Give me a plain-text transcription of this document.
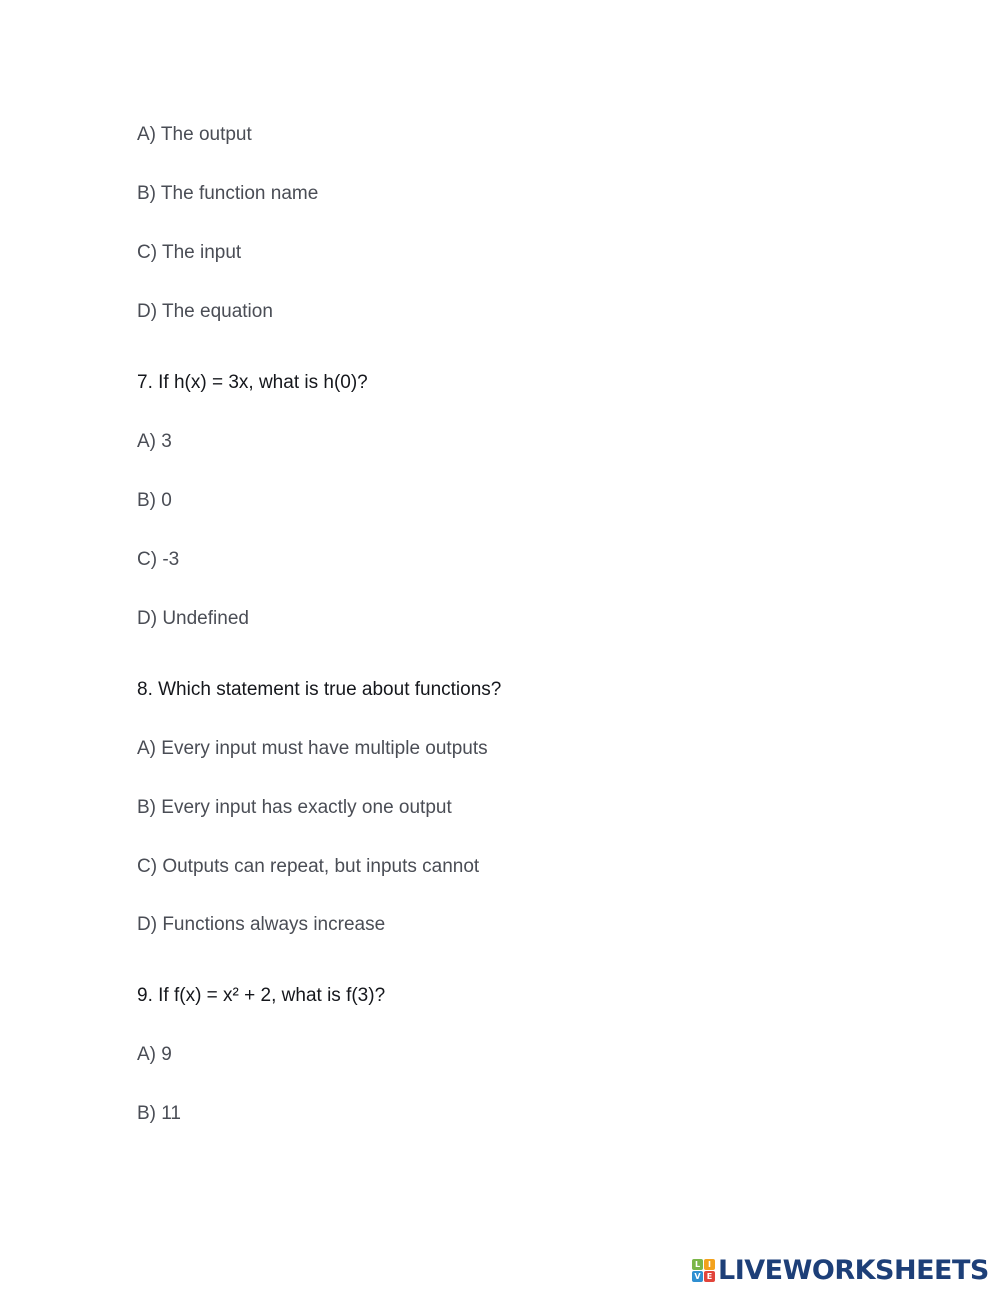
A) The output
B) The function name
C) The input
D) The equation
7. If h(x) = 3x, what is h(0)?
A) 3
B) 0
C) -3
D) Undefined
8. Which statement is true about functions?
A) Every input must have multiple outputs
B) Every input has exactly one output
C) Outputs can repeat, but inputs cannot
D) Functions always increase
9. If f(x) = x² + 2, what is f(3)?
A) 9
B) 11
L I
V E LIVEWORKSHEETS
